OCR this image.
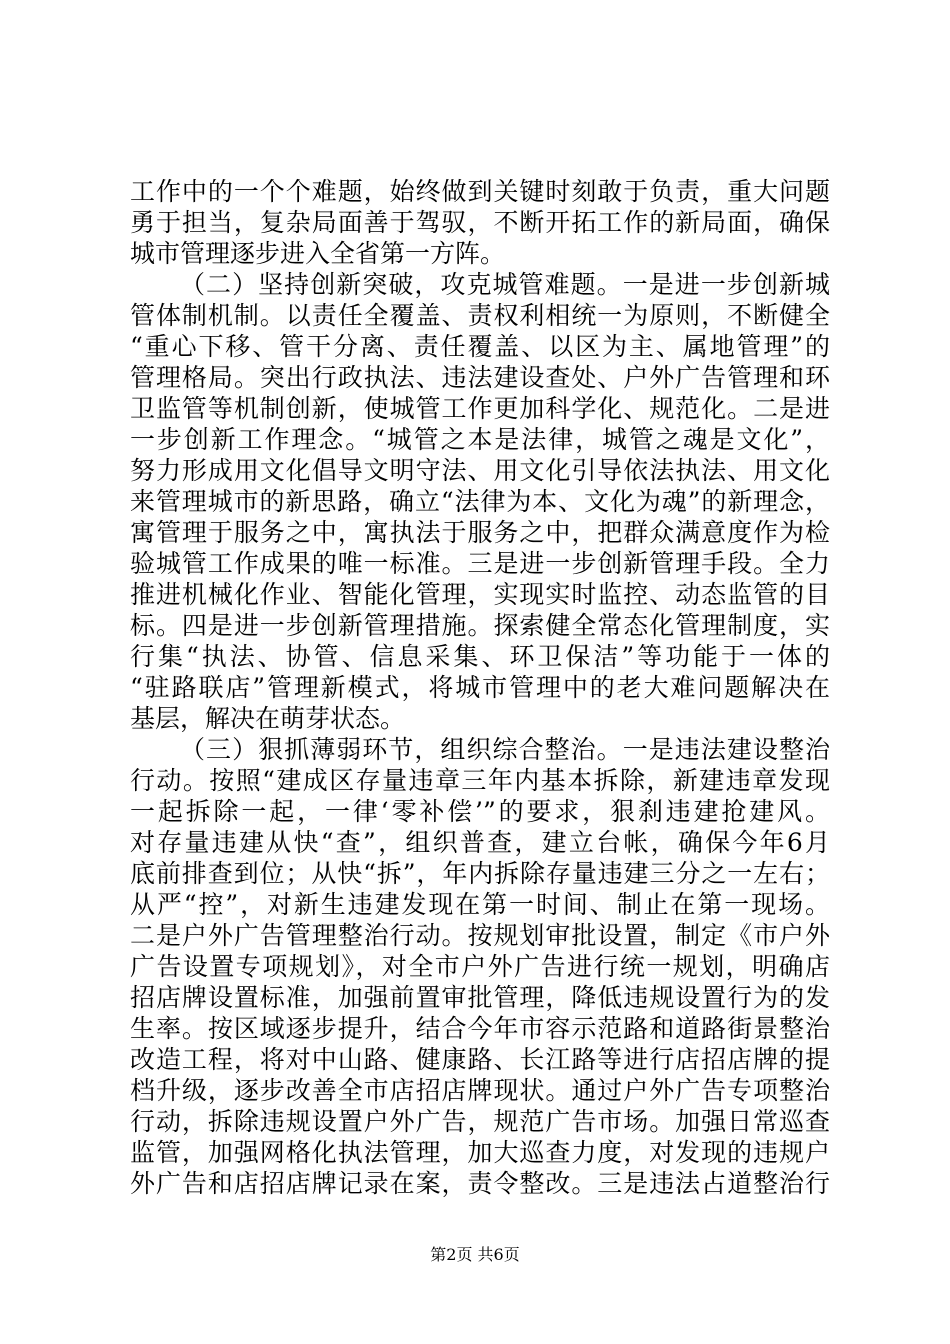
工作中的一个个难题，始终做到关键时刻敢于负责，重大问题
勇于担当，复杂局面善于驾驭，不断开拓工作的新局面，确保
城市管理逐步进入全省第一方阵。
（二）坚持创新突破，攻克城管难题。一是进一步创新城
管体制机制。以责任全覆盖、责权利相统一为原则，不断健全
“重心下移、管干分离、责任覆盖、以区为主、属地管理”的
管理格局。突出行政执法、违法建设查处、户外广告管理和环
卫监管等机制创新，使城管工作更加科学化、规范化。二是进
一步创新工作理念。“城管之本是法律，城管之魂是文化”，
努力形成用文化倡导文明守法、用文化引导依法执法、用文化
来管理城市的新思路，确立“法律为本、文化为魂”的新理念，
寓管理于服务之中，寓执法于服务之中，把群众满意度作为检
验城管工作成果的唯一标准。三是进一步创新管理手段。全力
推进机械化作业、智能化管理，实现实时监控、动态监管的目
标。四是进一步创新管理措施。探索健全常态化管理制度，实
行集“执法、协管、信息采集、环卫保洁”等功能于一体的
“驻路联店”管理新模式，将城市管理中的老大难问题解决在
基层，解决在萌芽状态。
（三）狠抓薄弱环节，组织综合整治。一是违法建设整治
行动。按照“建成区存量违章三年内基本拆除，新建违章发现
一起拆除一起，一律‘零补偿’”的要求，狠刹违建抢建风。
对存量违建从快“查”，组织普查，建立台帐，确保今年6月
底前排查到位；从快“拆”，年内拆除存量违建三分之一左右；
从严“控”，对新生违建发现在第一时间、制止在第一现场。
二是户外广告管理整治行动。按规划审批设置，制定《市户外
广告设置专项规划》，对全市户外广告进行统一规划，明确店
招店牌设置标准，加强前置审批管理，降低违规设置行为的发
生率。按区域逐步提升，结合今年市容示范路和道路街景整治
改造工程，将对中山路、健康路、长江路等进行店招店牌的提
档升级，逐步改善全市店招店牌现状。通过户外广告专项整治
行动，拆除违规设置户外广告，规范广告市场。加强日常巡查
监管，加强网格化执法管理，加大巡查力度，对发现的违规户
外广告和店招店牌记录在案，责令整改。三是违法占道整治行
第2页 共6页
